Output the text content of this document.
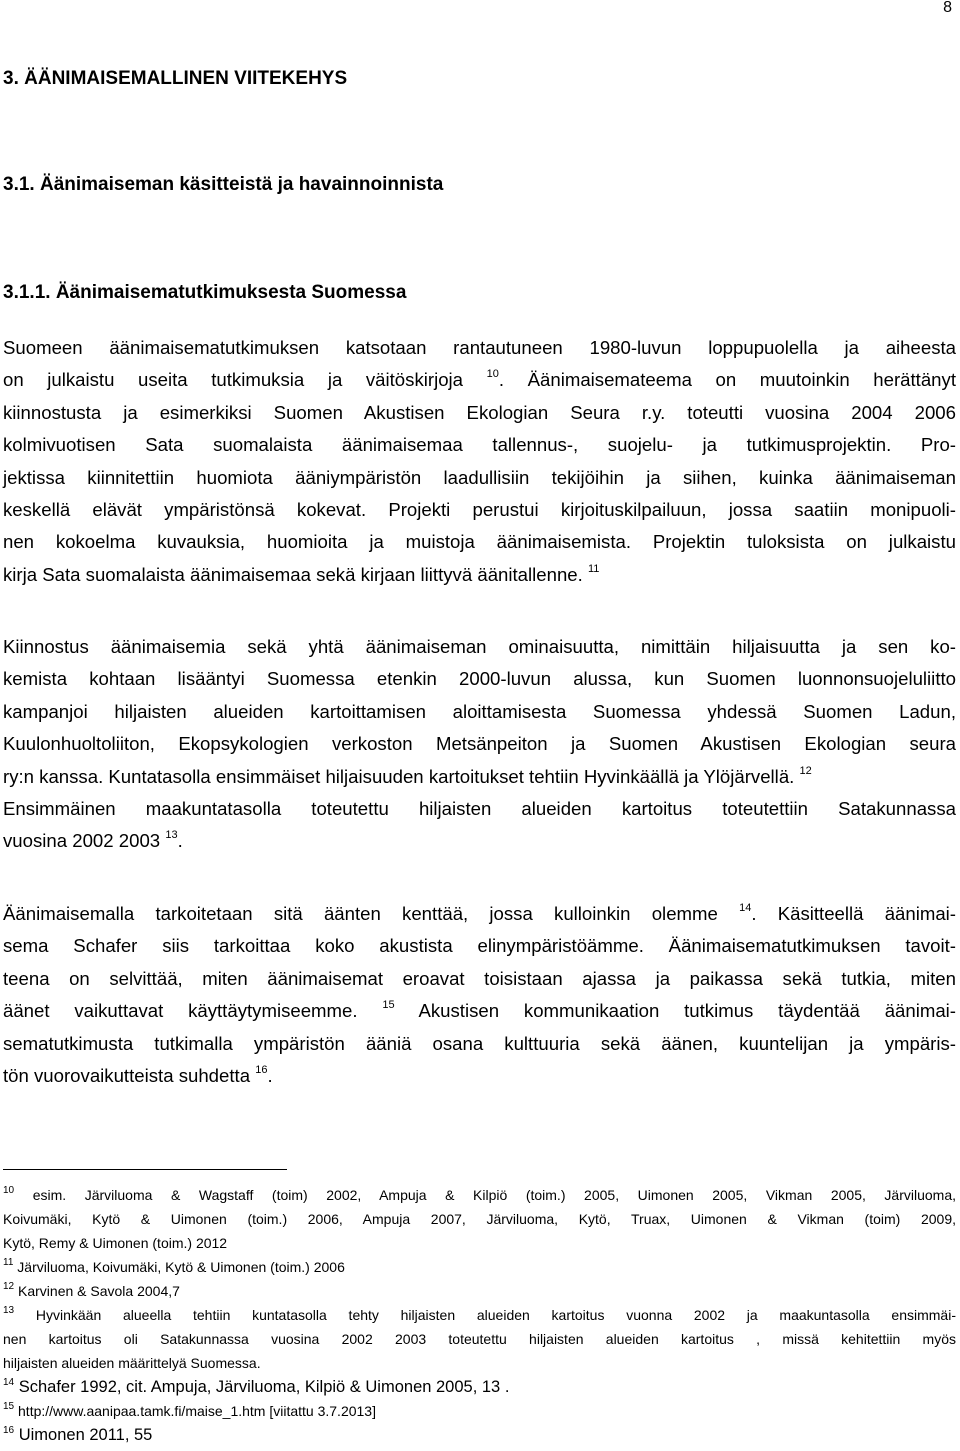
8
3. ÄÄNIMAISEMALLINEN VIITEKEHYS
3.1. Äänimaiseman käsitteistä ja havainnoinnista
3.1.1. Äänimaisematutkimuksesta Suomessa
Suomeen äänimaisematutkimuksen katsotaan rantautuneen 1980-luvun loppupuolella ja aiheesta
on julkaistu useita tutkimuksia ja väitöskirjoja $^{10}$. Äänimaisemateema on muutoinkin herättänyt
kiinnostusta ja esimerkiksi Suomen Akustisen Ekologian Seura r.y. toteutti vuosina 2004 2006
kolmivuotisen Sata suomalaista äänimaisemaa tallennus-, suojelu- ja tutkimusprojektin. Pro-
jektissa kiinnitettiin huomiota ääniympäristön laadullisiin tekijöihin ja siihen, kuinka äänimaiseman
keskellä elävät ympäristönsä kokevat. Projekti perustui kirjoituskilpailuun, jossa saatiin monipuoli-
nen kokoelma kuvauksia, huomioita ja muistoja äänimaisemista. Projektin tuloksista on julkaistu
kirja Sata suomalaista äänimaisemaa sekä kirjaan liittyvä äänitallenne. $^{11}$
Kiinnostus äänimaisemia sekä yhtä äänimaiseman ominaisuutta, nimittäin hiljaisuutta ja sen ko-
kemista kohtaan lisääntyi Suomessa etenkin 2000-luvun alussa, kun Suomen luonnonsuojeluliitto
kampanjoi hiljaisten alueiden kartoittamisen aloittamisesta Suomessa yhdessä Suomen Ladun,
Kuulonhuoltoliiton, Ekopsykologien verkoston Metsänpeiton ja Suomen Akustisen Ekologian seura
ry:n kanssa. Kuntatasolla ensimmäiset hiljaisuuden kartoitukset tehtiin Hyvinkäällä ja Ylöjärvellä. $^{12}$
Ensimmäinen maakuntatasolla toteutettu hiljaisten alueiden kartoitus toteutettiin Satakunnassa
vuosina 2002 2003 $^{13}$.
Äänimaisemalla tarkoitetaan sitä äänten kenttää, jossa kulloinkin olemme $^{14}$. Käsitteellä äänimai-
sema Schafer siis tarkoittaa koko akustista elinympäristöämme. Äänimaisematutkimuksen tavoit-
teena on selvittää, miten äänimaisemat eroavat toisistaan ajassa ja paikassa sekä tutkia, miten
äänet vaikuttavat käyttäytymiseemme. $^{15}$ Akustisen kommunikaation tutkimus täydentää äänimai-
sematutkimusta tutkimalla ympäristön ääniä osana kulttuuria sekä äänen, kuuntelijan ja ympäris-
tön vuorovaikutteista suhdetta $^{16}$.
$^{10}$ esim. Järviluoma & Wagstaff (toim) 2002, Ampuja & Kilpiö (toim.) 2005, Uimonen 2005, Vikman 2005, Järviluoma,
Koivumäki, Kytö & Uimonen (toim.) 2006, Ampuja 2007, Järviluoma, Kytö, Truax, Uimonen & Vikman (toim) 2009,
Kytö, Remy & Uimonen (toim.) 2012
$^{11}$ Järviluoma, Koivumäki, Kytö & Uimonen (toim.) 2006
$^{12}$ Karvinen & Savola 2004,7
$^{13}$ Hyvinkään alueella tehtiin kuntatasolla tehty hiljaisten alueiden kartoitus vuonna 2002 ja maakuntasolla ensimmäi-
nen kartoitus oli Satakunnassa vuosina 2002 2003 toteutettu hiljaisten alueiden kartoitus , missä kehitettiin myös
hiljaisten alueiden määrittelyä Suomessa.
$^{14}$ Schafer 1992, cit. Ampuja, Järviluoma, Kilpiö & Uimonen 2005, 13 .
$^{15}$ http://www.aanipaa.tamk.fi/maise_1.htm [viitattu 3.7.2013]
$^{16}$ Uimonen 2011, 55
